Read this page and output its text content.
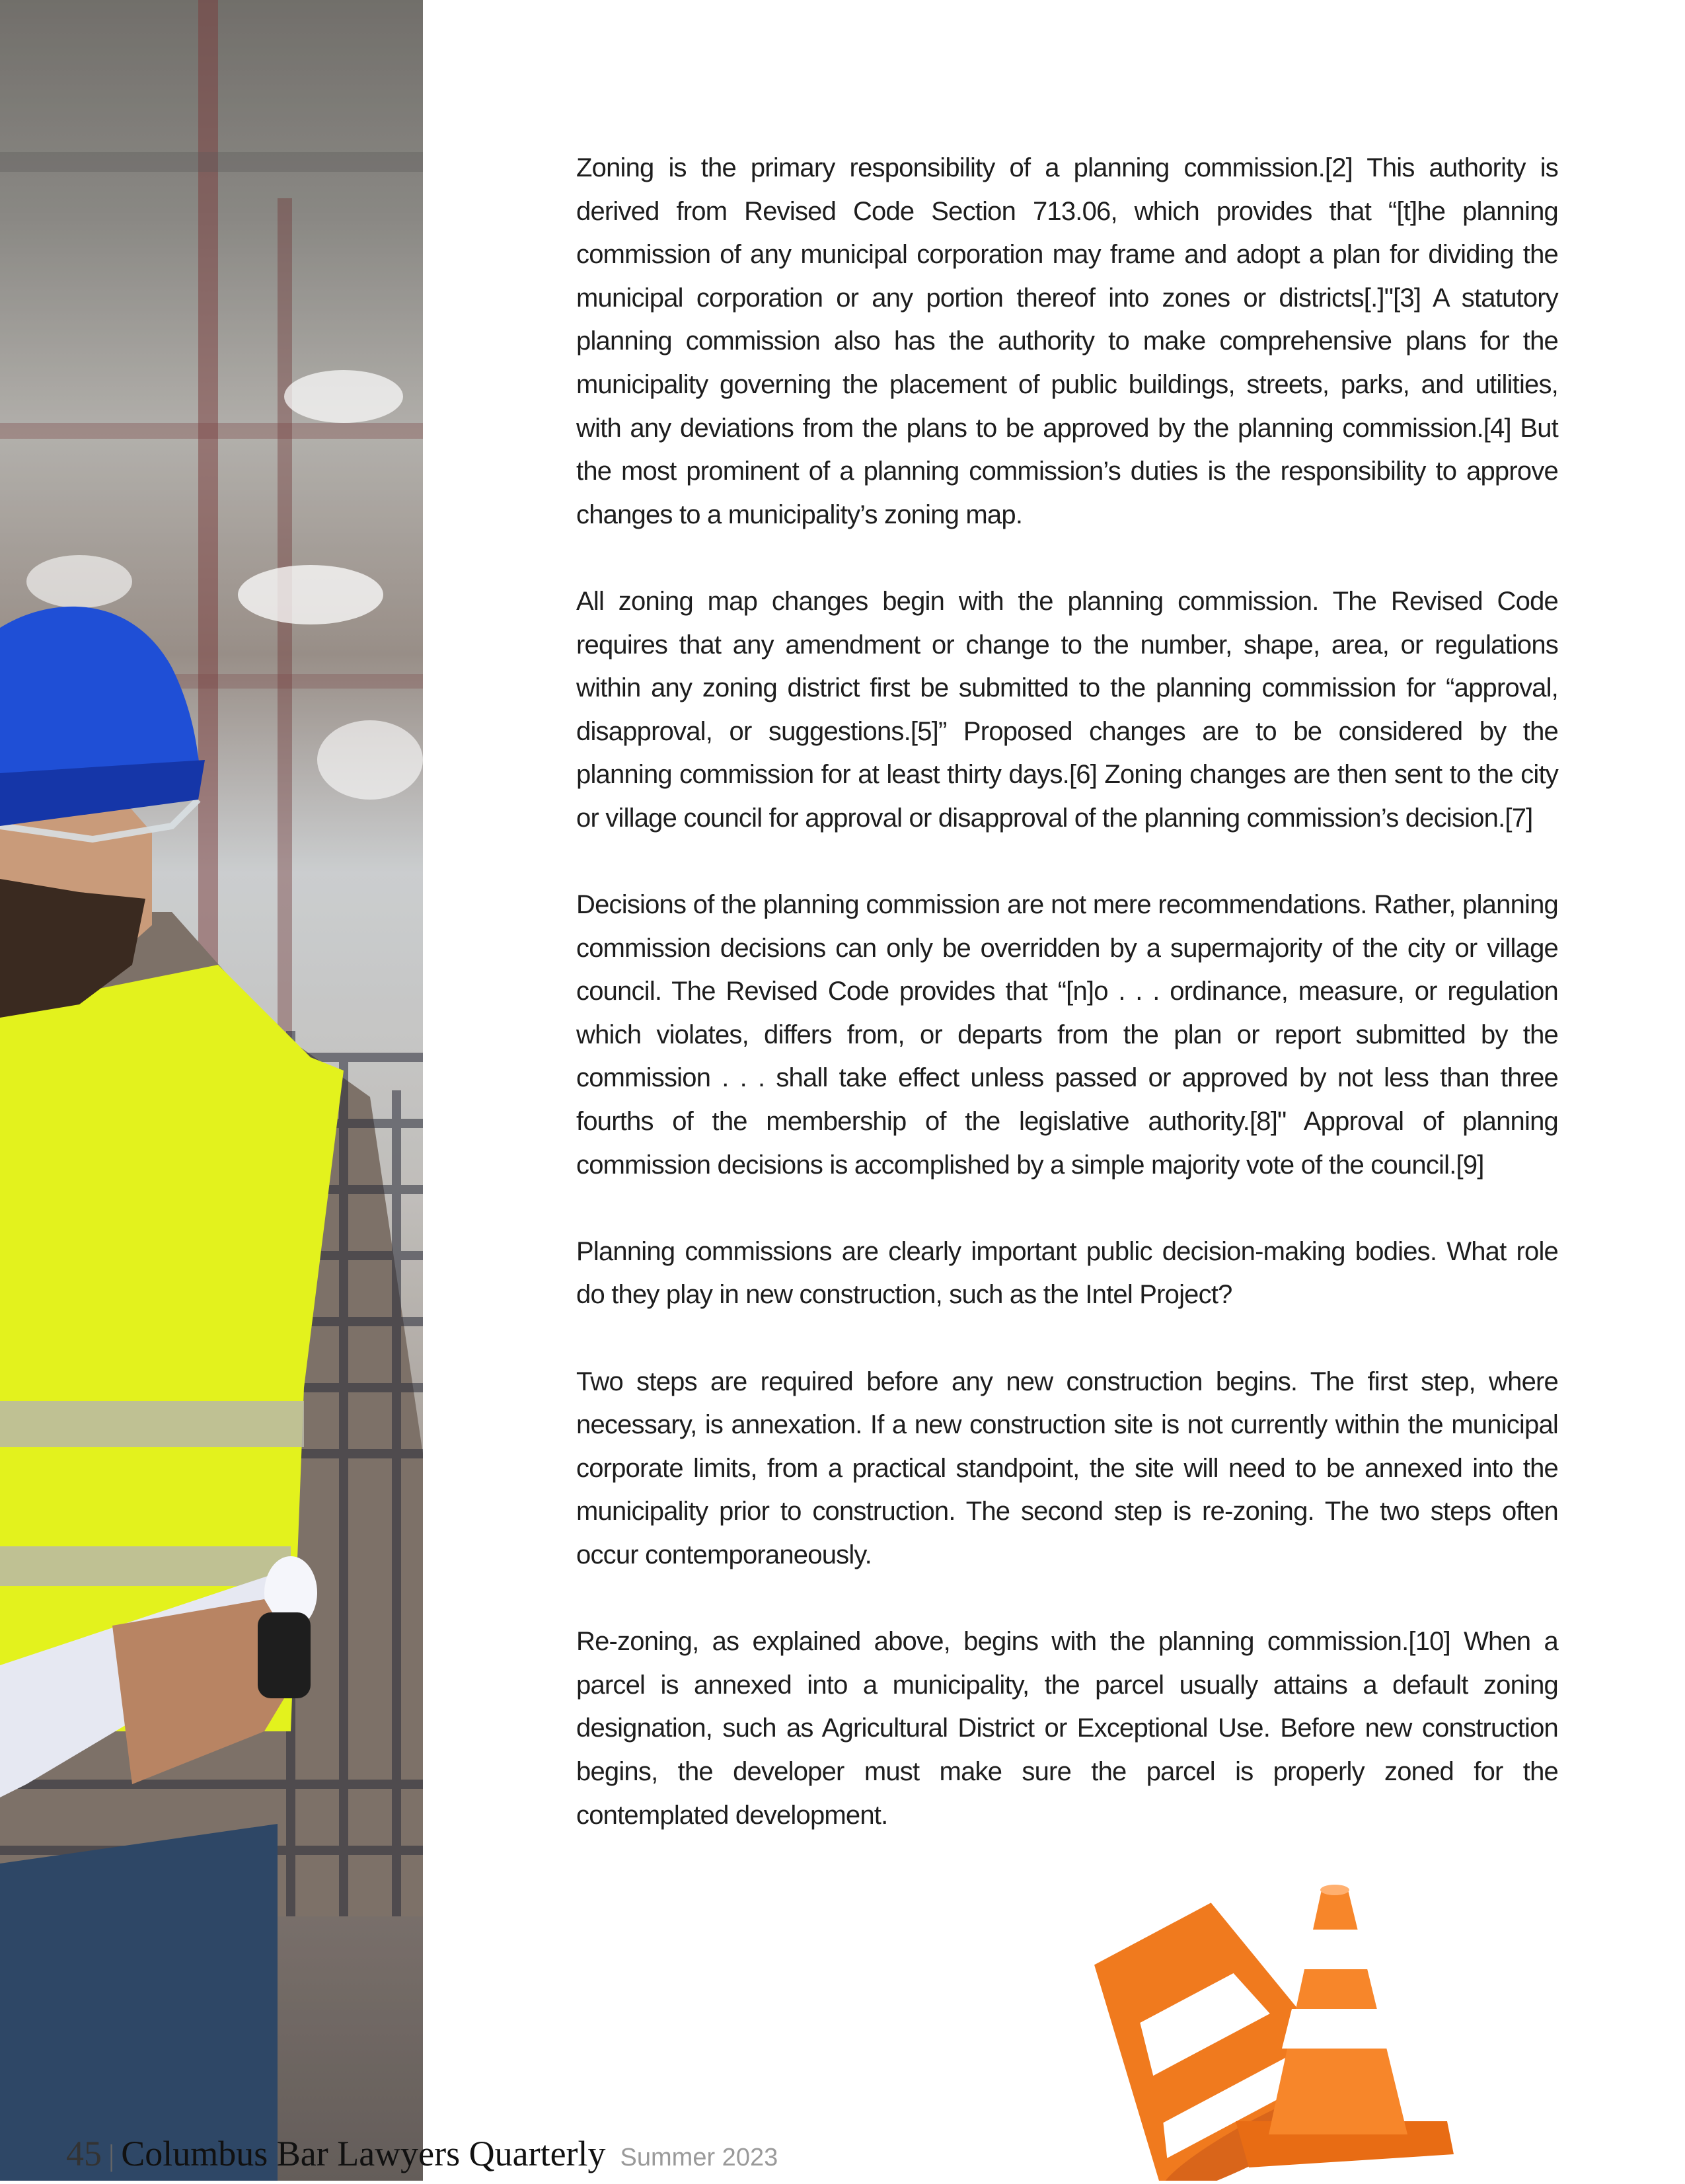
Zoning is the primary responsibility of a planning commission.[2] This authority is derived from Revised Code Section 713.06, which provides that “[t]he planning commission of any municipal corporation may frame and adopt a plan for dividing the municipal corporation or any portion thereof into zones or districts[.]"[3] A statutory planning commission also has the authority to make comprehensive plans for the municipality governing the placement of public buildings, streets, parks, and utilities, with any deviations from the plans to be approved by the planning commission.[4] But the most prominent of a planning commission’s duties is the responsibility to approve changes to a municipality’s zoning map.

All zoning map changes begin with the planning commission. The Revised Code requires that any amendment or change to the number, shape, area, or regulations within any zoning district first be submitted to the planning commission for “approval, disapproval, or suggestions.[5]” Proposed changes are to be considered by the planning commission for at least thirty days.[6] Zoning changes are then sent to the city or village council for approval or disapproval of the planning commission’s decision.[7]

Decisions of the planning commission are not mere recommendations. Rather, planning commission decisions can only be overridden by a supermajority of the city or village council. The Revised Code provides that “[n]o . . . ordinance, measure, or regulation which violates, differs from, or departs from the plan or report submitted by the commission . . . shall take effect unless passed or approved by not less than three fourths of the membership of the legislative authority.[8]" Approval of planning commission decisions is accomplished by a simple majority vote of the council.[9]

Planning commissions are clearly important public decision-making bodies. What role do they play in new construction, such as the Intel Project?

Two steps are required before any new construction begins. The first step, where necessary, is annexation. If a new construction site is not currently within the municipal corporate limits, from a practical standpoint, the site will need to be annexed into the municipality prior to construction. The second step is re-zoning. The two steps often occur contemporaneously.

Re-zoning, as explained above, begins with the planning commission.[10] When a parcel is annexed into a municipality, the parcel usually attains a default zoning designation, such as Agricultural District or Exceptional Use. Before new construction begins, the developer must make sure the parcel is properly zoned for the contemplated development.

45 | Columbus Bar Lawyers Quarterly Summer 2023
